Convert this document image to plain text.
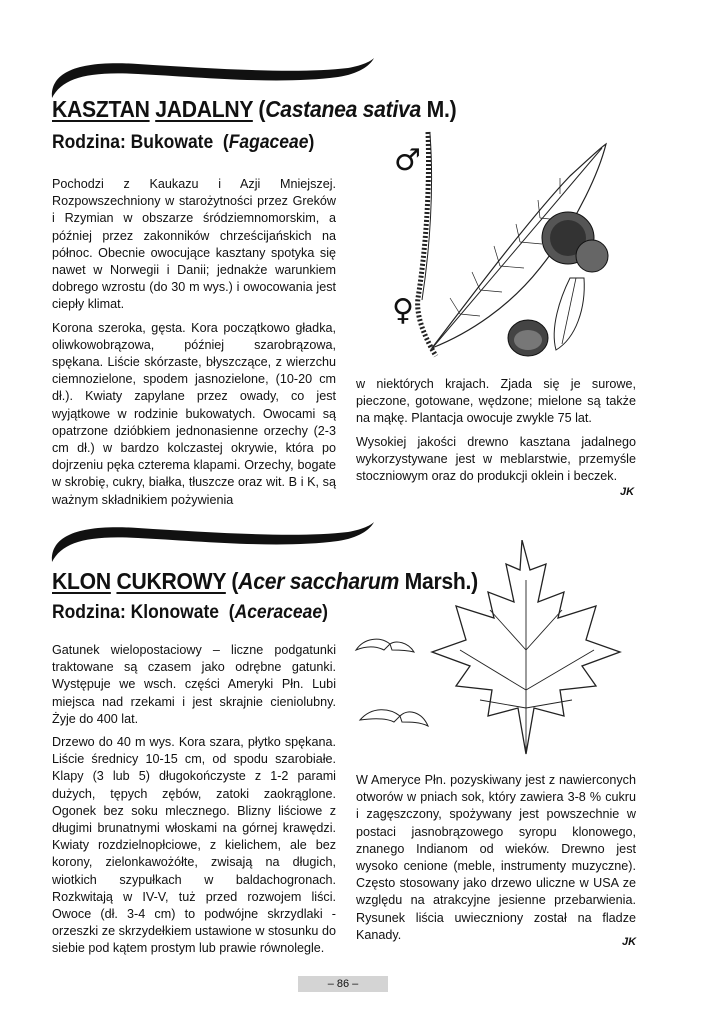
KASZTAN JADALNY (Castanea sativa M.)
Rodzina: Bukowate (Fagaceae)

Pochodzi z Kaukazu i Azji Mniejszej. Rozpowszechniony w starożytności przez Greków i Rzymian w obszarze śródziemnomorskim, a później przez zakonników chrześcijańskich na północ. Obecnie owocujące kasztany spotyka się nawet w Norwegii i Danii; jednakże warunkiem dobrego wzrostu (do 30 m wys.) i owocowania jest ciepły klimat.

Korona szeroka, gęsta. Kora początkowo gładka, oliwkowobrązowa, później szarobrązowa, spękana. Liście skórzaste, błyszczące, z wierzchu ciemnozielone, spodem jasnozielone, (10-20 cm dł.). Kwiaty zapylane przez owady, co jest wyjątkowe w rodzinie bukowatych. Owocami są opatrzone dzióbkiem jednonasienne orzechy (2-3 cm dł.) w bardzo kolczastej okrywie, która po dojrzeniu pęka czterema klapami. Orzechy, bogate w skrobię, cukry, białka, tłuszcze oraz wit. B i K, są ważnym składnikiem pożywienia

♂
♀

w niektórych krajach. Zjada się je surowe, pieczone, gotowane, wędzone; mielone są także na mąkę. Plantacja owocuje zwykle 75 lat.

Wysokiej jakości drewno kasztana jadalnego wykorzystywane jest w meblarstwie, przemyśle stoczniowym oraz do produkcji oklein i beczek.

JK
KLON CUKROWY (Acer saccharum Marsh.)
Rodzina: Klonowate (Aceraceae)

Gatunek wielopostaciowy – liczne podgatunki traktowane są czasem jako odrębne gatunki. Występuje we wsch. części Ameryki Płn. Lubi miejsca nad rzekami i jest skrajnie cieniolubny. Żyje do 400 lat.

Drzewo do 40 m wys. Kora szara, płytko spękana. Liście średnicy 10-15 cm, od spodu szarobiałe. Klapy (3 lub 5) długokończyste z 1-2 parami dużych, tępych zębów, zatoki zaokrąglone. Ogonek bez soku mlecznego. Blizny liściowe z długimi brunatnymi włoskami na górnej krawędzi. Kwiaty rozdzielnopłciowe, z kielichem, ale bez korony, zielonkawożółte, zwisają na długich, wiotkich szypułkach w baldachogronach. Rozkwitają w IV-V, tuż przed rozwojem liści. Owoce (dł. 3-4 cm) to podwójne skrzydlaki -orzeszki ze skrzydełkiem ustawione w stosunku do siebie pod kątem prostym lub prawie równolegle.

W Ameryce Płn. pozyskiwany jest z nawierconych otworów w pniach sok, który zawiera 3-8 % cukru i zagęszczony, spożywany jest powszechnie w postaci jasnobrązowego syropu klonowego, znanego Indianom od wieków. Drewno jest wysoko cenione (meble, instrumenty muzyczne). Często stosowany jako drzewo uliczne w USA ze względu na atrakcyjne jesienne przebarwienia. Rysunek liścia uwieczniony został na fladze Kanady.

JK
– 86 –
